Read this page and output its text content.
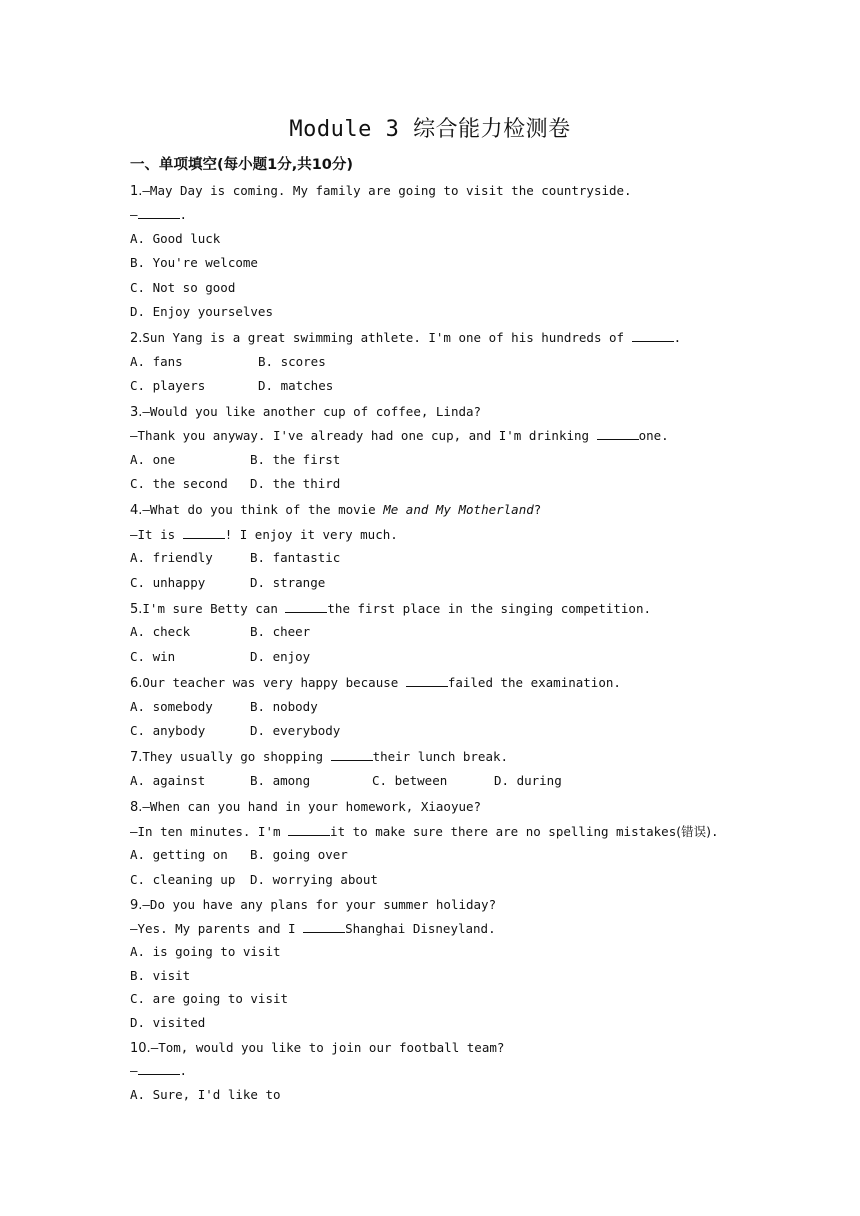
Module 3 综合能力检测卷
一、单项填空(每小题1分,共10分)
1.—May Day is coming. My family are going to visit the countryside.
—	.
A. Good luck
B. You're welcome
C. Not so good
D. Enjoy yourselves
2.Sun Yang is a great swimming athlete. I'm one of his hundreds of	.
A. fans	B. scores
C. players	D. matches
3.—Would you like another cup of coffee, Linda?
—Thank you anyway. I've already had one cup, and I'm drinking	one.
A. one	B. the first
C. the second D. the third
4.—What do you think of the movie Me and My Motherland?
—It is	! I enjoy it very much.
A. friendly	B. fantastic
C. unhappy	D. strange
5.I'm sure Betty can	the first place in the singing competition.
A. check	B. cheer
C. win	D. enjoy
6.Our teacher was very happy because	failed the examination.
A. somebody	B. nobody
C. anybody	D. everybody
7.They usually go shopping	their lunch break.
A. against	B. among	C. between	D. during
8.—When can you hand in your homework, Xiaoyue?
—In ten minutes. I'm	it to make sure there are no spelling mistakes(错误).
A. getting on B. going over
C. cleaning up D. worrying about
9.—Do you have any plans for your summer holiday?
—Yes. My parents and I	Shanghai Disneyland.
A. is going to visit
B. visit
C. are going to visit
D. visited
10.—Tom, would you like to join our football team?
—	.
A. Sure, I'd like to
